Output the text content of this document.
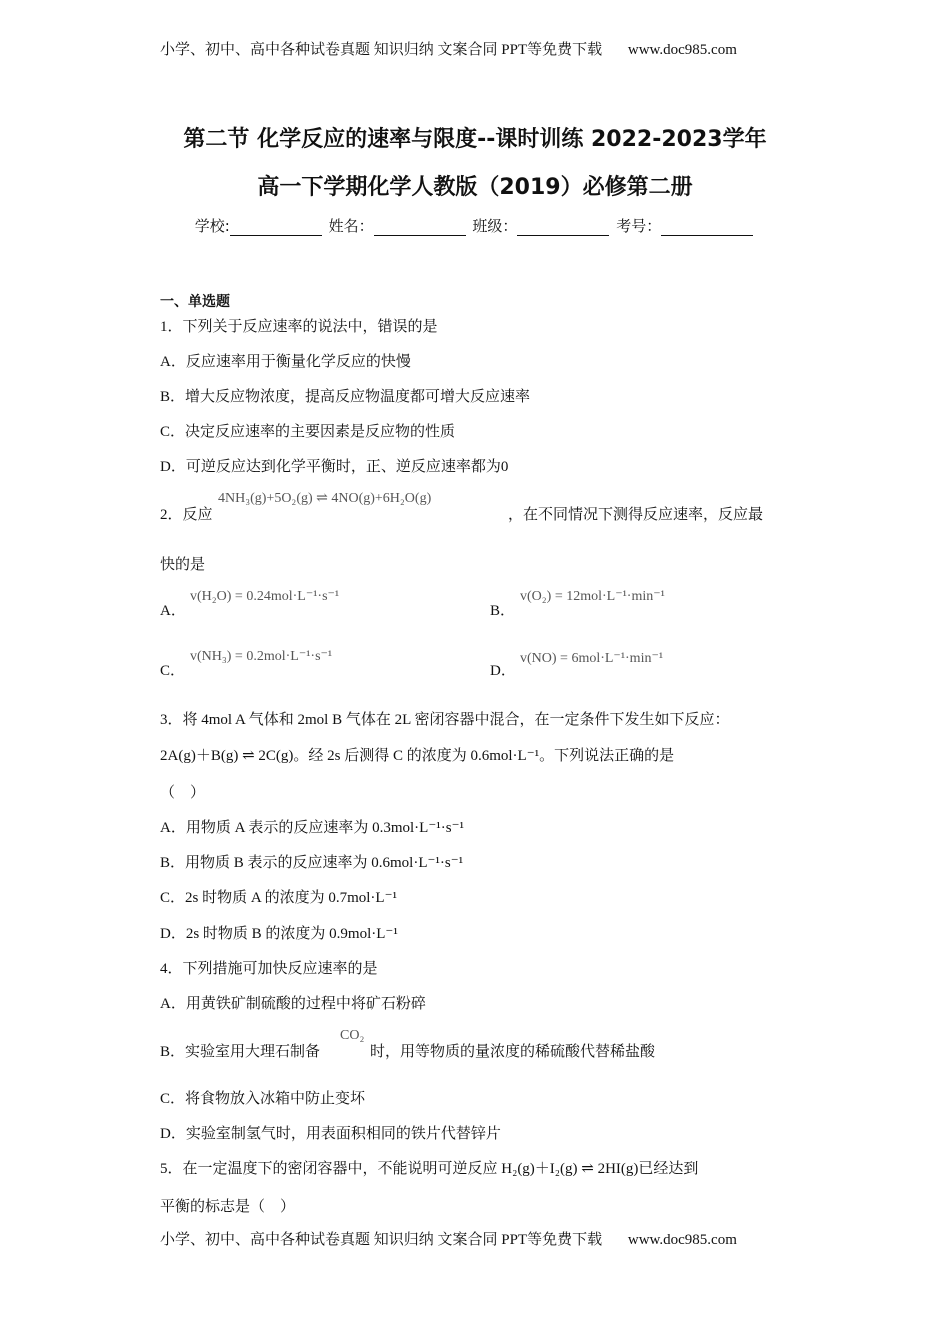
小学、初中、高中各种试卷真题 知识归纳 文案合同 PPT等免费下载 www.doc985.com
第二节 化学反应的速率与限度--课时训练 2022-2023学年
高一下学期化学人教版（2019）必修第二册
学校:	姓名：	班级：	考号：
一、单选题
1．下列关于反应速率的说法中，错误的是
A．反应速率用于衡量化学反应的快慢
B．增大反应物浓度，提高反应物温度都可增大反应速率
C．决定反应速率的主要因素是反应物的性质
D．可逆反应达到化学平衡时，正、逆反应速率都为0
2．反应
4NH₃(g)+5O₂(g) ⇌ 4NO(g)+6H₂O(g)
，在不同情况下测得反应速率，反应最
快的是
A．
v(H₂O) = 0.24mol·L⁻¹·s⁻¹
B．
v(O₂) = 12mol·L⁻¹·min⁻¹
C．
v(NH₃) = 0.2mol·L⁻¹·s⁻¹
D．
v(NO) = 6mol·L⁻¹·min⁻¹
3．将 4mol A 气体和 2mol B 气体在 2L 密闭容器中混合，在一定条件下发生如下反应：
2A(g)＋B(g) ⇌ 2C(g)。经 2s 后测得 C 的浓度为 0.6mol·L⁻¹。下列说法正确的是
（　）
A．用物质 A 表示的反应速率为 0.3mol·L⁻¹·s⁻¹
B．用物质 B 表示的反应速率为 0.6mol·L⁻¹·s⁻¹
C．2s 时物质 A 的浓度为 0.7mol·L⁻¹
D．2s 时物质 B 的浓度为 0.9mol·L⁻¹
4．下列措施可加快反应速率的是
A．用黄铁矿制硫酸的过程中将矿石粉碎
B．实验室用大理石制备
CO₂
时，用等物质的量浓度的稀硫酸代替稀盐酸
C．将食物放入冰箱中防止变坏
D．实验室制氢气时，用表面积相同的铁片代替锌片
5．在一定温度下的密闭容器中，不能说明可逆反应 H₂(g)＋I₂(g) ⇌ 2HI(g)已经达到
平衡的标志是（　）
小学、初中、高中各种试卷真题 知识归纳 文案合同 PPT等免费下载 www.doc985.com
